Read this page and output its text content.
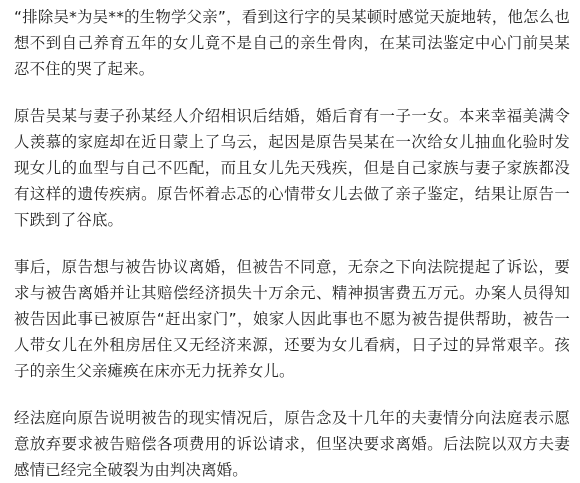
“排除吴*为吴**的生物学父亲”，看到这行字的吴某顿时感觉天旋地转，他怎么也想不到自己养育五年的女儿竟不是自己的亲生骨肉，在某司法鉴定中心门前吴某忍不住的哭了起来。

原告吴某与妻子孙某经人介绍相识后结婚，婚后育有一子一女。本来幸福美满令人羡慕的家庭却在近日蒙上了乌云，起因是原告吴某在一次给女儿抽血化验时发现女儿的血型与自己不匹配，而且女儿先天残疾，但是自己家族与妻子家族都没有这样的遗传疾病。原告怀着忐忑的心情带女儿去做了亲子鉴定，结果让原告一下跌到了谷底。

事后，原告想与被告协议离婚，但被告不同意，无奈之下向法院提起了诉讼，要求与被告离婚并让其赔偿经济损失十万余元、精神损害费五万元。办案人员得知被告因此事已被原告“赶出家门”，娘家人因此事也不愿为被告提供帮助，被告一人带女儿在外租房居住又无经济来源，还要为女儿看病，日子过的异常艰辛。孩子的亲生父亲瘫痪在床亦无力抚养女儿。

经法庭向原告说明被告的现实情况后，原告念及十几年的夫妻情分向法庭表示愿意放弃要求被告赔偿各项费用的诉讼请求，但坚决要求离婚。后法院以双方夫妻感情已经完全破裂为由判决离婚。
